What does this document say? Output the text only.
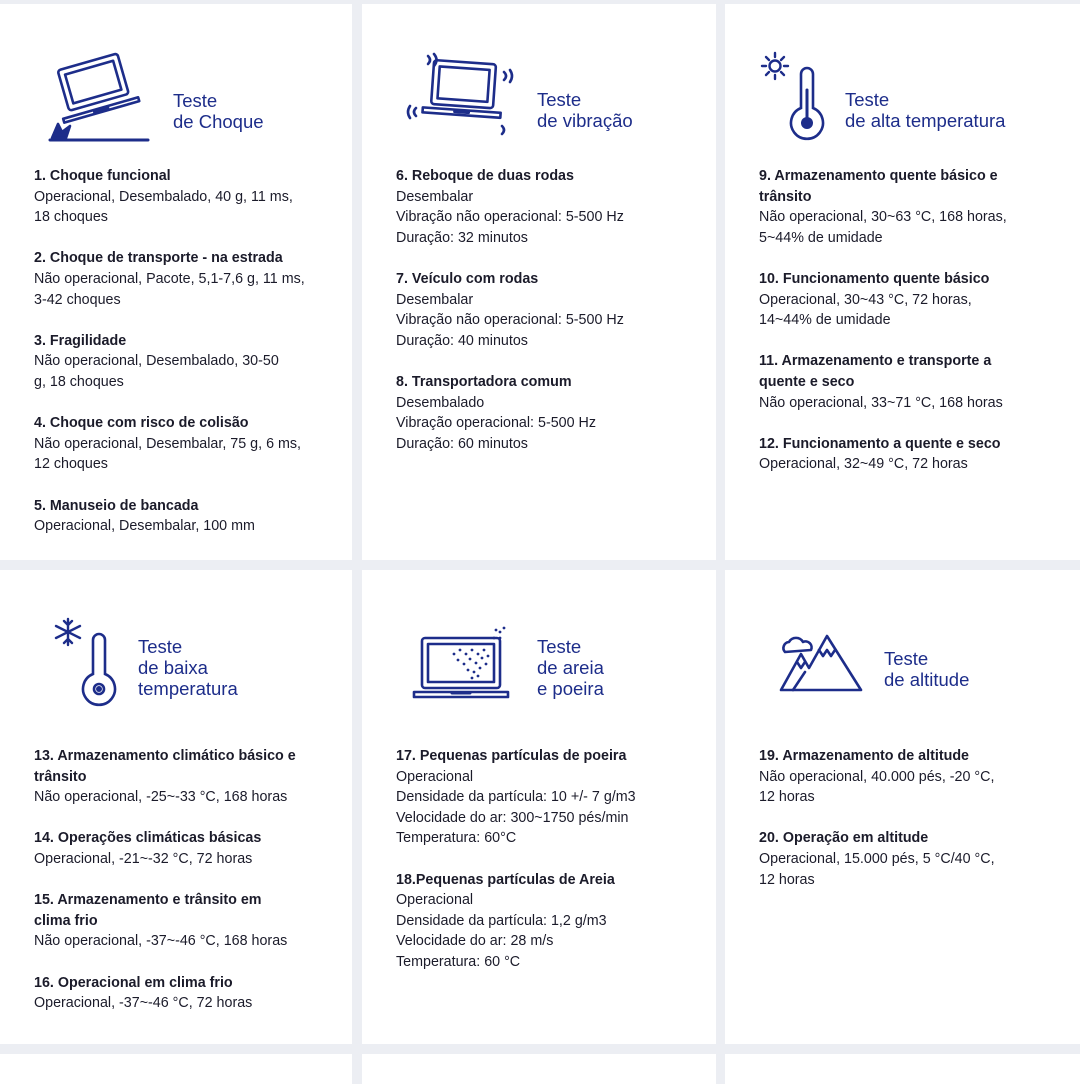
Teste
de Choque
1. Choque funcional
Operacional, Desembalado, 40 g, 11 ms,
18 choques
2. Choque de transporte - na estrada
Não operacional, Pacote, 5,1-7,6 g, 11 ms,
3-42 choques
3. Fragilidade
Não operacional, Desembalado, 30-50
g, 18 choques
4. Choque com risco de colisão
Não operacional, Desembalar, 75 g, 6 ms,
12 choques
5. Manuseio de bancada
Operacional, Desembalar, 100 mm
Teste
de vibração
6. Reboque de duas rodas
Desembalar
Vibração não operacional: 5-500 Hz
Duração: 32 minutos
7. Veículo com rodas
Desembalar
Vibração não operacional: 5-500 Hz
Duração: 40 minutos
8. Transportadora comum
Desembalado
Vibração operacional: 5-500 Hz
Duração: 60 minutos
Teste
de alta temperatura
9. Armazenamento quente básico e trânsito
Não operacional, 30~63 °C, 168 horas,
5~44% de umidade
10. Funcionamento quente básico
Operacional, 30~43 °C, 72 horas,
14~44% de umidade
11. Armazenamento e transporte a quente e seco
Não operacional, 33~71 °C, 168 horas
12. Funcionamento a quente e seco
Operacional, 32~49 °C, 72 horas
Teste
de baixa
temperatura
13. Armazenamento climático básico e trânsito
Não operacional, -25~-33 °C, 168 horas
14. Operações climáticas básicas
Operacional, -21~-32 °C, 72 horas
15. Armazenamento e trânsito em clima frio
Não operacional, -37~-46 °C, 168 horas
16. Operacional em clima frio
Operacional, -37~-46 °C, 72 horas
Teste
de areia
e poeira
17. Pequenas partículas de poeira
Operacional
Densidade da partícula: 10 +/- 7 g/m3
Velocidade do ar: 300~1750 pés/min
Temperatura: 60°C
18.Pequenas partículas de Areia
Operacional
Densidade da partícula: 1,2 g/m3
Velocidade do ar: 28 m/s
Temperatura: 60 °C
Teste
de altitude
19. Armazenamento de altitude
Não operacional, 40.000 pés, -20 °C,
12 horas
20. Operação em altitude
Operacional, 15.000 pés, 5 °C/40 °C,
12 horas
